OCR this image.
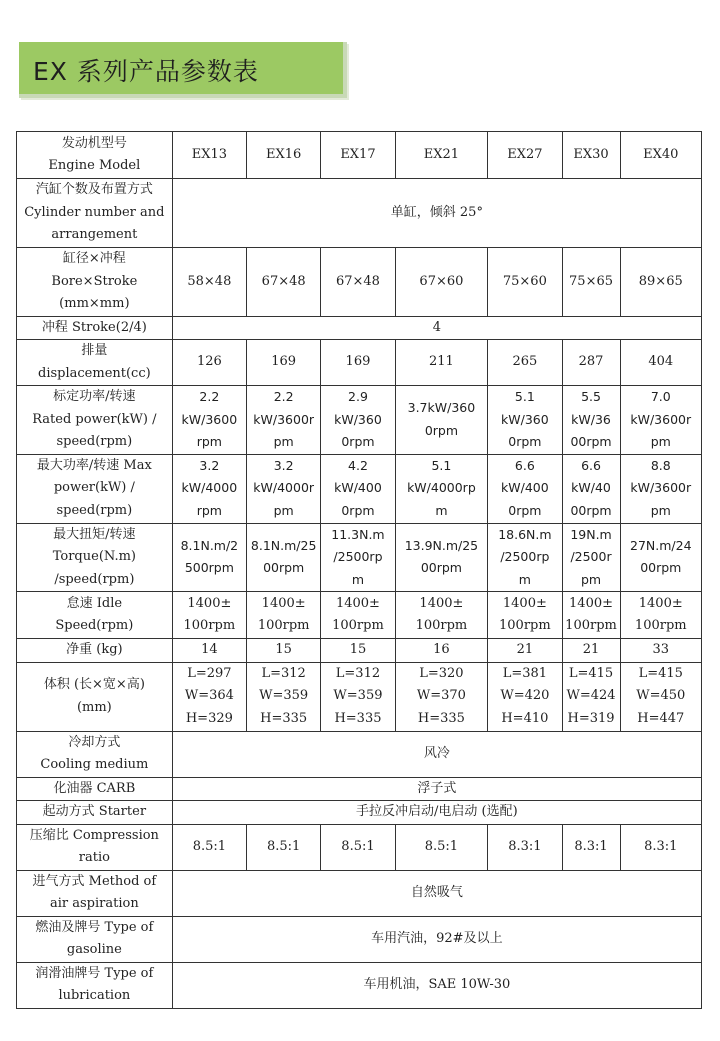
EX 系列产品参数表
发动机型号
Engine Model	EX13	EX16	EX17	EX21	EX27	EX30	EX40

汽缸个数及布置方式
Cylinder number and
arrangement	单缸，倾斜 25°						

缸径×冲程
Bore×Stroke
(mm×mm)	58×48	67×48	67×48	67×60	75×60	75×65	89×65

冲程 Stroke(2/4)	4						

排量
displacement(cc)	126	169	169	211	265	287	404

标定功率/转速
Rated power(kW) /
speed(rpm)	2.2
kW/3600
rpm	2.2
kW/3600r
pm	2.9
kW/360
0rpm	3.7kW/360
0rpm	5.1
kW/360
0rpm	5.5
kW/36
00rpm	7.0
kW/3600r
pm

最大功率/转速 Max
power(kW) /
speed(rpm)	3.2
kW/4000
rpm	3.2
kW/4000r
pm	4.2
kW/400
0rpm	5.1
kW/4000rp
m	6.6
kW/400
0rpm	6.6
kW/40
00rpm	8.8
kW/3600r
pm

最大扭矩/转速
Torque(N.m)
/speed(rpm)	8.1N.m/2
500rpm	8.1N.m/25
00rpm	11.3N.m
/2500rp
m	13.9N.m/25
00rpm	18.6N.m
/2500rp
m	19N.m
/2500r
pm	27N.m/24
00rpm

怠速 Idle
Speed(rpm)	1400±
100rpm	1400±
100rpm	1400±
100rpm	1400±
100rpm	1400±
100rpm	1400±
100rpm	1400±
100rpm

净重 (kg)	14	15	15	16	21	21	33

体积 (长×宽×高)
(mm)	L=297
W=364
H=329	L=312
W=359
H=335	L=312
W=359
H=335	L=320
W=370
H=335	L=381
W=420
H=410	L=415
W=424
H=319	L=415
W=450
H=447

冷却方式
Cooling medium	风冷						

化油器 CARB	浮子式						

起动方式 Starter	手拉反冲启动/电启动 (选配)						

压缩比 Compression
ratio	8.5:1	8.5:1	8.5:1	8.5:1	8.3:1	8.3:1	8.3:1

进气方式 Method of
air aspiration	自然吸气						

燃油及牌号 Type of
gasoline	车用汽油，92#及以上						

润滑油牌号 Type of
lubrication	车用机油，SAE 10W-30						
